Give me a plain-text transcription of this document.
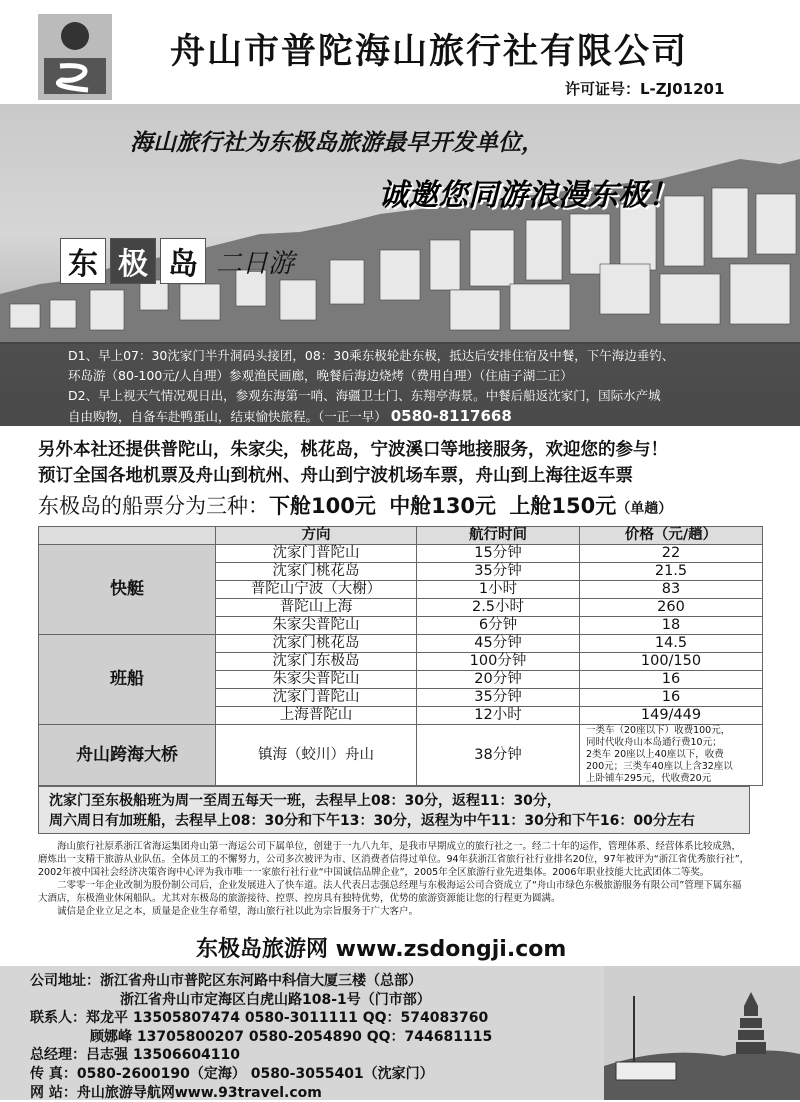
舟山市普陀海山旅行社有限公司
许可证号：L-ZJ01201
海山旅行社为东极岛旅游最早开发单位，
诚邀您同游浪漫东极！
东 极 岛 二日游
D1、早上07：30沈家门半升洞码头接团，08：30乘东极轮赴东极，抵达后安排住宿及中餐，下午海边垂钓、
环岛游（80-100元/人自理）参观渔民画廊，晚餐后海边烧烤（费用自理）（住庙子湖二正）
D2、早上视天气情况观日出，参观东海第一哨、海疆卫士门、东翔亭海景。中餐后船返沈家门，国际水产城
自由购物，自备车赴鸭蛋山，结束愉快旅程。（一正一早） 0580-8117668
另外本社还提供普陀山，朱家尖，桃花岛，宁波溪口等地接服务，欢迎您的参与！
预订全国各地机票及舟山到杭州、舟山到宁波机场车票，舟山到上海往返车票
东极岛的船票分为三种：下舱100元 中舱130元 上舱150元（单趟）
	方向	航行时间	价格（元/趟）
快艇	沈家门普陀山	15分钟	22
	沈家门桃花岛	35分钟	21.5
	普陀山宁波（大榭）	1小时	83
	普陀山上海	2.5小时	260
	朱家尖普陀山	6分钟	18
班船	沈家门桃花岛	45分钟	14.5
	沈家门东极岛	100分钟	100/150
	朱家尖普陀山	20分钟	16
	沈家门普陀山	35分钟	16
	上海普陀山	12小时	149/449
舟山跨海大桥	镇海（蛟川）舟山	38分钟	一类车（20座以下）收费100元，
同时代收舟山本岛通行费10元；
2类车 20座以上40座以下，收费
200元；三类车40座以上含32座以
上卧铺车295元，代收费20元
沈家门至东极船班为周一至周五每天一班，去程早上08：30分，返程11：30分，
周六周日有加班船，去程早上08：30分和下午13：30分，返程为中午11：30分和下午16：00分左右

海山旅行社原系浙江省海运集团舟山第一海运公司下属单位，创建于一九八九年，是我市早期成立的旅行社之一。经二十年的运作，管理体系、经营体系比较成熟，磨炼出一支精干旅游从业队伍。全体员工的不懈努力，公司多次被评为市、区消费者信得过单位。94年获浙江省旅行社行业排名20位，97年被评为“浙江省优秀旅行社”，2002年被中国社会经济决策咨询中心评为我市唯一一家旅行社行业“中国诚信品牌企业”，2005年全区旅游行业先进集体。2006年职业技能大比武团体二等奖。

二零零一年企业改制为股份制公司后，企业发展进入了快车道。法人代表吕志强总经理与东极海运公司合资成立了“舟山市绿色东极旅游服务有限公司”管理下属东福大酒店，东极渔业休闲船队。尤其对东极岛的旅游接待、控票、控房具有独特优势，优势的旅游资源能让您的行程更为圆满。

诚信是企业立足之本，质量是企业生存希望，海山旅行社以此为宗旨服务于广大客户。

东极岛旅游网 www.zsdongji.com
公司地址：浙江省舟山市普陀区东河路中科信大厦三楼（总部）
浙江省舟山市定海区白虎山路108-1号（门市部）
联系人：郑龙平 13505807474 0580-3011111 QQ：574083760
顾娜峰 13705800207 0580-2054890 QQ：744681115
总经理：吕志强 13506604110
传 真：0580-2600190（定海） 0580-3055401（沈家门）
网 站：舟山旅游导航网www.93travel.com
